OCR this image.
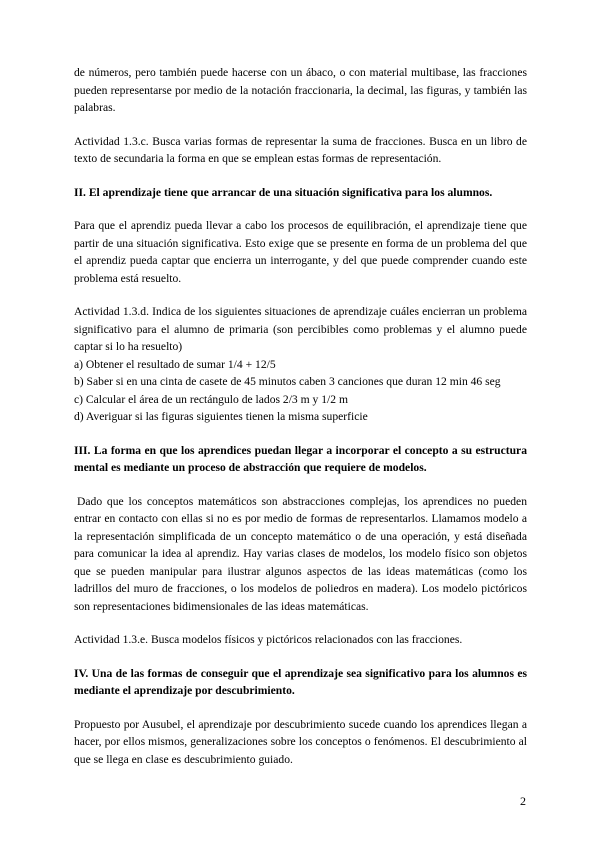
de números, pero también puede hacerse con un ábaco, o con material multibase, las fracciones pueden representarse por medio de la notación fraccionaria, la decimal, las figuras, y también las palabras.

Actividad 1.3.c. Busca varias formas de representar la suma de fracciones. Busca en un libro de texto de secundaria la forma en que se emplean estas formas de representación.

II. El aprendizaje tiene que arrancar de una situación significativa para los alumnos.

Para que el aprendiz pueda llevar a cabo los procesos de equilibración, el aprendizaje tiene que partir de una situación significativa. Esto exige que se presente en forma de un problema del que el aprendiz pueda captar que encierra un interrogante, y del que puede comprender cuando este problema está resuelto.

Actividad 1.3.d. Indica de los siguientes situaciones de aprendizaje cuáles encierran un problema significativo para el alumno de primaria (son percibibles como problemas y el alumno puede captar si lo ha resuelto)

a) Obtener el resultado de sumar 1/4 + 12/5
b) Saber si en una cinta de casete de 45 minutos caben 3 canciones que duran 12 min 46 seg
c) Calcular el área de un rectángulo de lados 2/3 m y 1/2 m
d) Averiguar si las figuras siguientes tienen la misma superficie
III. La forma en que los aprendices puedan llegar a incorporar el concepto a su estructura mental es mediante un proceso de abstracción que requiere de modelos.

Dado que los conceptos matemáticos son abstracciones complejas, los aprendices no pueden entrar en contacto con ellas si no es por medio de formas de representarlos. Llamamos modelo a la representación simplificada de un concepto matemático o de una operación, y está diseñada para comunicar la idea al aprendiz. Hay varias clases de modelos, los modelo físico son objetos que se pueden manipular para ilustrar algunos aspectos de las ideas matemáticas (como los ladrillos del muro de fracciones, o los modelos de poliedros en madera). Los modelo pictóricos son representaciones bidimensionales de las ideas matemáticas.

Actividad 1.3.e. Busca modelos físicos y pictóricos relacionados con las fracciones.

IV. Una de las formas de conseguir que el aprendizaje sea significativo para los alumnos es mediante el aprendizaje por descubrimiento.

Propuesto por Ausubel, el aprendizaje por descubrimiento sucede cuando los aprendices llegan a hacer, por ellos mismos, generalizaciones sobre los conceptos o fenómenos. El descubrimiento al que se llega en clase es descubrimiento guiado.

2
